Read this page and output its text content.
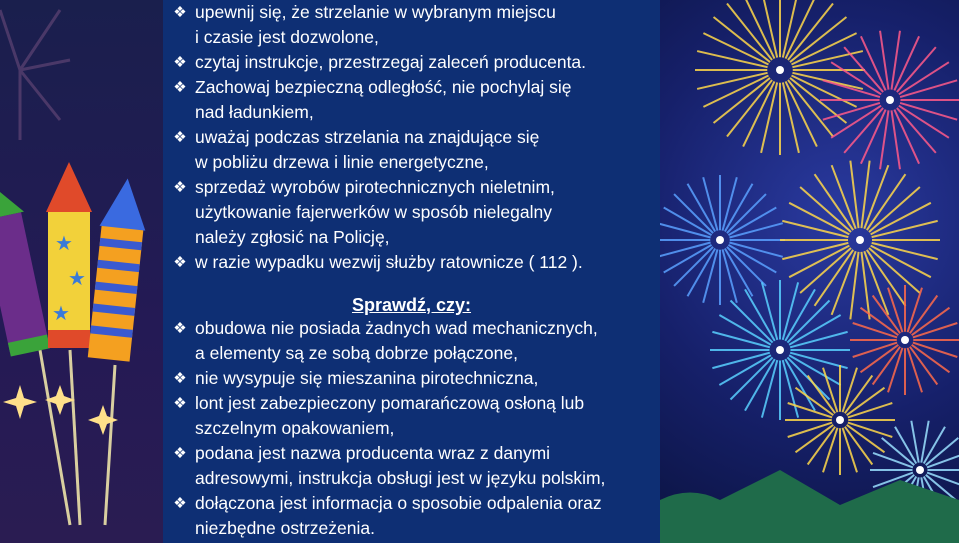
★
★
★
❖ upewnij się, że strzelanie w wybranym miejscu
i czasie jest dozwolone,
❖ czytaj instrukcje, przestrzegaj zaleceń producenta.
❖ Zachowaj bezpieczną odległość, nie pochylaj się
nad ładunkiem,
❖ uważaj podczas strzelania na znajdujące się
w pobliżu drzewa i linie energetyczne,
❖ sprzedaż wyrobów pirotechnicznych nieletnim,
użytkowanie fajerwerków w sposób nielegalny
należy zgłosić na Policję,
❖ w razie wypadku wezwij służby ratownicze ( 112 ).
❖ obudowa nie posiada żadnych wad mechanicznych,
a elementy są ze sobą dobrze połączone,
❖ nie wysypuje się mieszanina pirotechniczna,
❖ lont jest zabezpieczony pomarańczową osłoną lub
szczelnym opakowaniem,
❖ podana jest nazwa producenta wraz z danymi
adresowymi, instrukcja obsługi jest w języku polskim,
❖ dołączona jest informacja o sposobie odpalenia oraz
niezbędne ostrzeżenia.
Sprawdź, czy:
